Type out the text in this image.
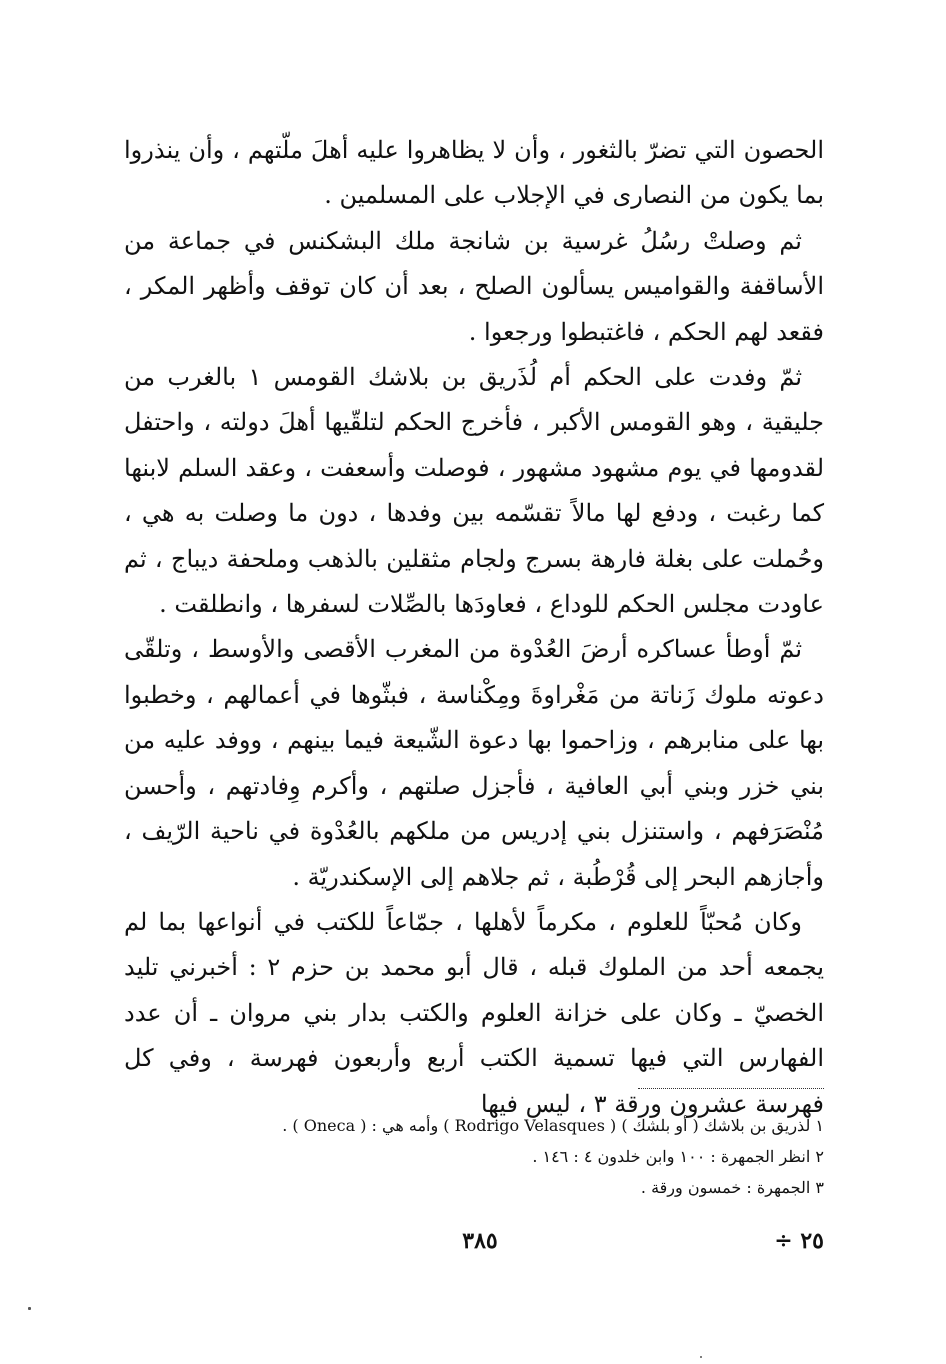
الحصون التي تضرّ بالثغور ، وأن لا يظاهروا عليه أهلَ ملّتهم ، وأن ينذروا بما يكون من النصارى في الإجلاب على المسلمين .

ثم وصلتْ رسُلُ غرسية بن شانجة ملك البشكنس في جماعة من الأساقفة والقواميس يسألون الصلح ، بعد أن كان توقف وأظهر المكر ، فقعد لهم الحكم ، فاغتبطوا ورجعوا .

ثمّ وفدت على الحكم أم لُذَريق بن بلاشك القومس ١ بالغرب من جليقية ، وهو القومس الأكبر ، فأخرج الحكم لتلقّيها أهلَ دولته ، واحتفل لقدومها في يوم مشهود مشهور ، فوصلت وأسعفت ، وعقد السلم لابنها كما رغبت ، ودفع لها مالاً تقسّمه بين وفدها ، دون ما وصلت به هي ، وحُملت على بغلة فارهة بسرج ولجام مثقلين بالذهب وملحفة ديباج ، ثم عاودت مجلس الحكم للوداع ، فعاودَها بالصِّلات لسفرها ، وانطلقت .

ثمّ أوطأ عساكره أرضَ العُدْوة من المغرب الأقصى والأوسط ، وتلقّى دعوته ملوك زَناتة من مَغْراوةَ ومِكْناسة ، فبثّوها في أعمالهم ، وخطبوا بها على منابرهم ، وزاحموا بها دعوة الشّيعة فيما بينهم ، ووفد عليه من بني خزر وبني أبي العافية ، فأجزل صلتهم ، وأكرم وِفادتهم ، وأحسن مُنْصَرَفهم ، واستنزل بني إدريس من ملكهم بالعُدْوة في ناحية الرّيف ، وأجازهم البحر إلى قُرْطُبة ، ثم جلاهم إلى الإسكندريّة .

وكان مُحبّاً للعلوم ، مكرماً لأهلها ، جمّاعاً للكتب في أنواعها بما لم يجمعه أحد من الملوك قبله ، قال أبو محمد بن حزم ٢ : أخبرني تليد الخصيّ ـ وكان على خزانة العلوم والكتب بدار بني مروان ـ أن عدد الفهارس التي فيها تسمية الكتب أربع وأربعون فهرسة ، وفي كل فهرسة عشرون ورقة ٣ ، ليس فيها

١ لذريق بن بلاشك ( أو بلشك ) ( Rodrigo Velasques ) وأمه هي : ( Oneca ) .

٢ انظر الجمهرة : ١٠٠ وابن خلدون ٤ : ١٤٦ .

٣ الجمهرة : خمسون ورقة .

٣٨٥	٢٥ ÷
